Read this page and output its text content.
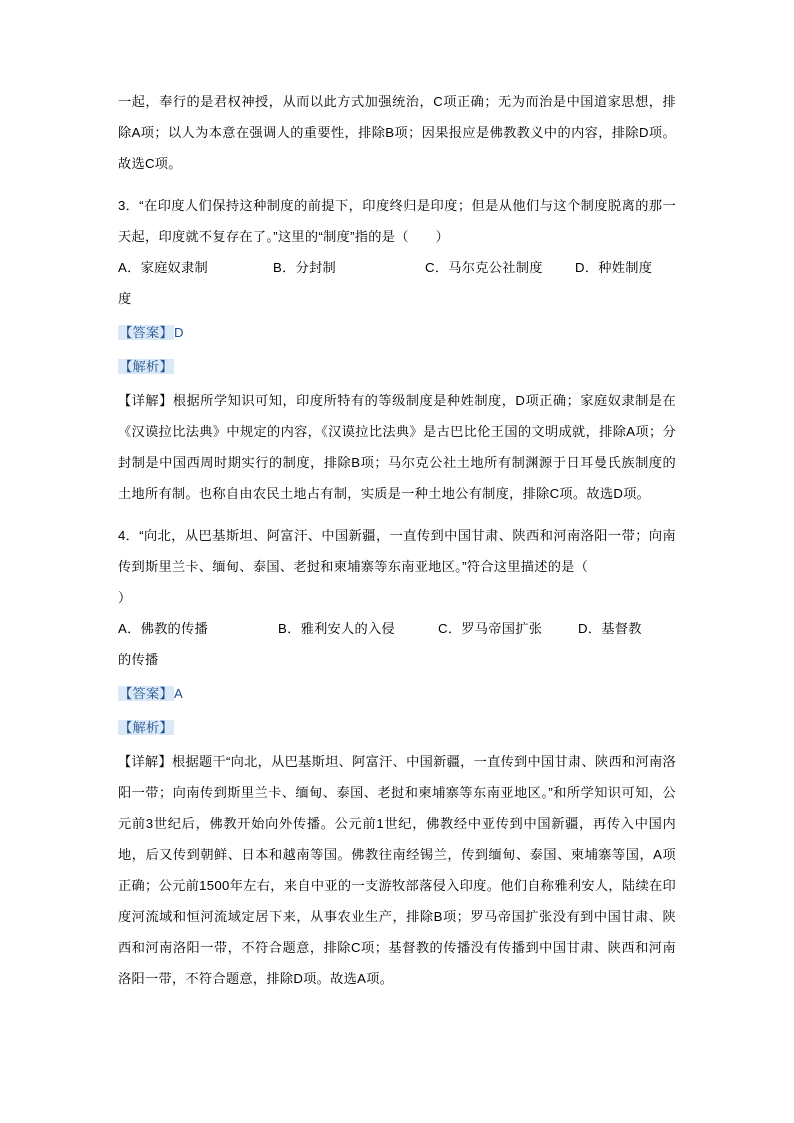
一起，奉行的是君权神授，从而以此方式加强统治，C项正确；无为而治是中国道家思想，排除A项；以人为本意在强调人的重要性，排除B项；因果报应是佛教教义中的内容，排除D项。故选C项。

3．“在印度人们保持这种制度的前提下，印度终归是印度；但是从他们与这个制度脱离的那一天起，印度就不复存在了。”这里的“制度”指的是（　　）

A．家庭奴隶制	B．分封制	C．马尔克公社制度 D．种姓制度

度

【答案】D

【解析】

【详解】根据所学知识可知，印度所特有的等级制度是种姓制度，D项正确；家庭奴隶制是在《汉谟拉比法典》中规定的内容，《汉谟拉比法典》是古巴比伦王国的文明成就，排除A项；分封制是中国西周时期实行的制度，排除B项；马尔克公社土地所有制渊源于日耳曼氏族制度的土地所有制。也称自由农民土地占有制，实质是一种土地公有制度，排除C项。故选D项。

4．“向北，从巴基斯坦、阿富汗、中国新疆，一直传到中国甘肃、陕西和河南洛阳一带；向南传到斯里兰卡、缅甸、泰国、老挝和柬埔寨等东南亚地区。”符合这里描述的是（

）

A．佛教的传播	B．雅利安人的入侵	C．罗马帝国扩张	D．基督教

的传播

【答案】A

【解析】

【详解】根据题干“向北，从巴基斯坦、阿富汗、中国新疆，一直传到中国甘肃、陕西和河南洛阳一带；向南传到斯里兰卡、缅甸、泰国、老挝和柬埔寨等东南亚地区。”和所学知识可知，公元前3世纪后，佛教开始向外传播。公元前1世纪，佛教经中亚传到中国新疆，再传入中国内地，后又传到朝鲜、日本和越南等国。佛教往南经锡兰，传到缅甸、泰国、柬埔寨等国，A项正确；公元前1500年左右，来自中亚的一支游牧部落侵入印度。他们自称雅利安人，陆续在印度河流域和恒河流域定居下来，从事农业生产，排除B项；罗马帝国扩张没有到中国甘肃、陕西和河南洛阳一带，不符合题意，排除C项；基督教的传播没有传播到中国甘肃、陕西和河南洛阳一带，不符合题意，排除D项。故选A项。
